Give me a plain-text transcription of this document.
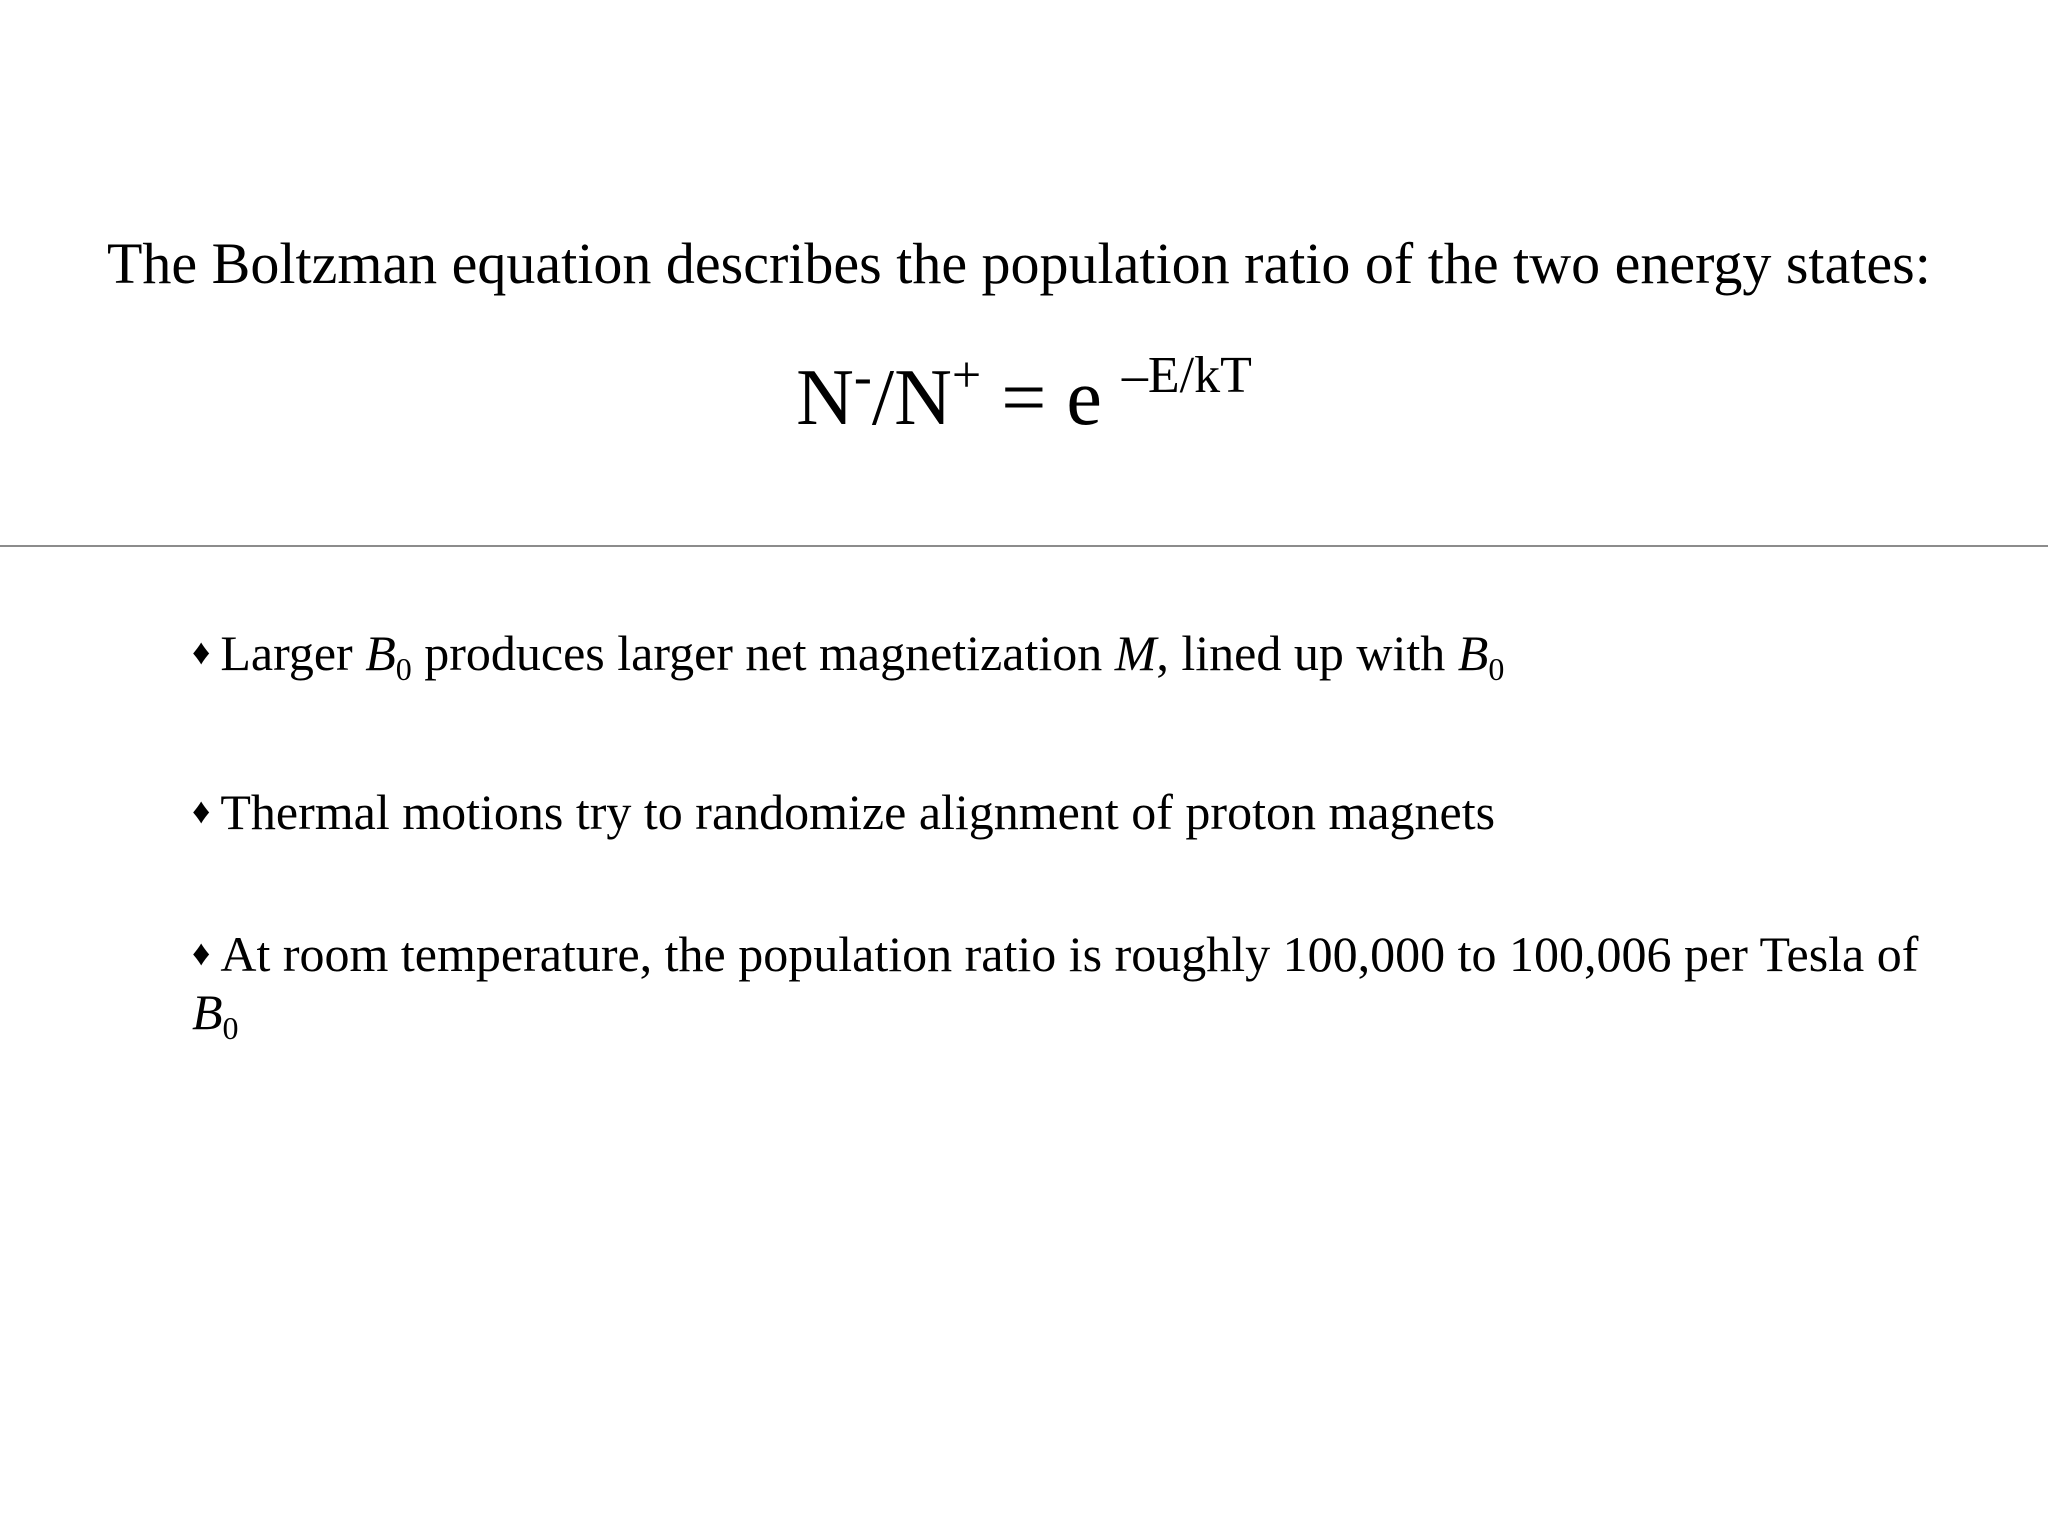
The Boltzman equation describes the population ratio of the two energy states:
N-/N+ = e $^{-E/kT}$
♦ Larger $B_0$ produces larger net magnetization M, lined up with $B_0$
♦ Thermal motions try to randomize alignment of proton magnets
♦ At room temperature, the population ratio is roughly 100,000 to 100,006 per Tesla of $B_0$
